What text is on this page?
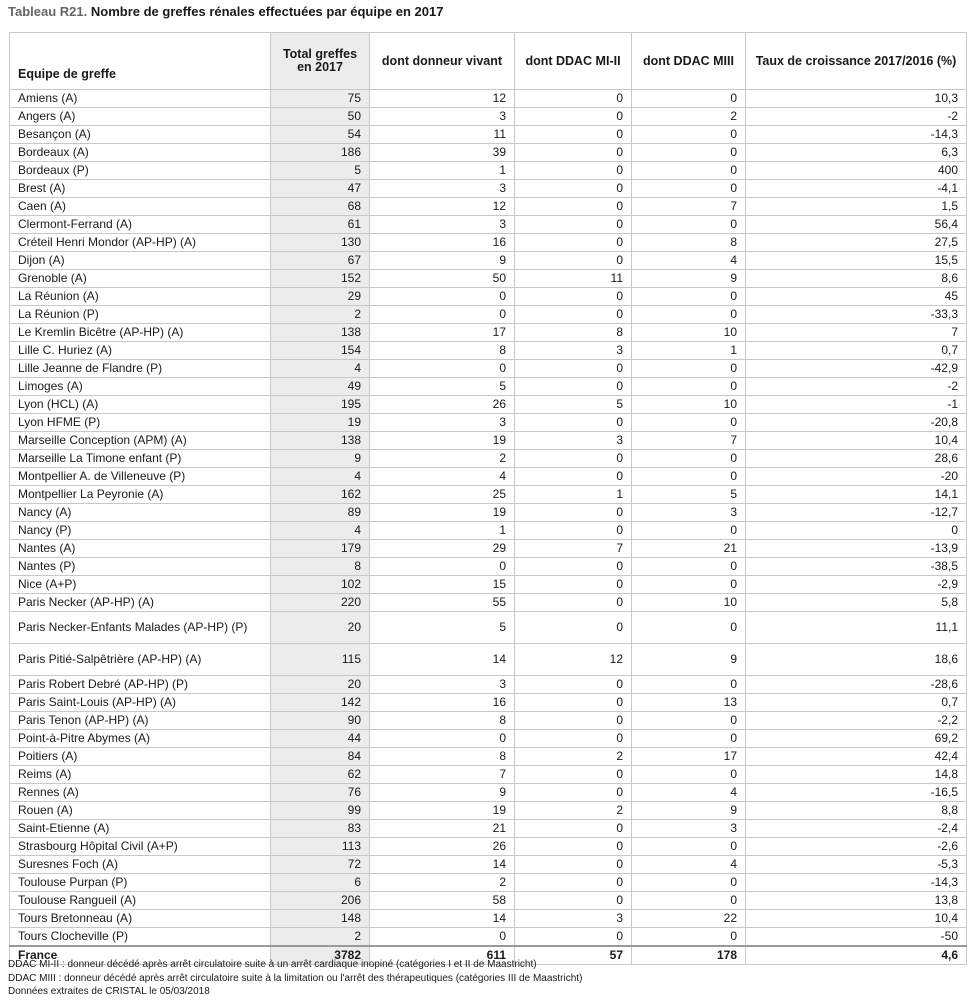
Tableau R21. Nombre de greffes rénales effectuées par équipe en 2017
Equipe de greffe	Total greffes en 2017	dont donneur vivant	dont DDAC MI-II	dont DDAC MIII	Taux de croissance 2017/2016 (%)
Amiens (A)	75	12	0	0	10,3
Angers (A)	50	3	0	2	-2
Besançon (A)	54	11	0	0	-14,3
Bordeaux (A)	186	39	0	0	6,3
Bordeaux (P)	5	1	0	0	400
Brest (A)	47	3	0	0	-4,1
Caen (A)	68	12	0	7	1,5
Clermont-Ferrand (A)	61	3	0	0	56,4
Créteil Henri Mondor (AP-HP) (A)	130	16	0	8	27,5
Dijon (A)	67	9	0	4	15,5
Grenoble (A)	152	50	11	9	8,6
La Réunion (A)	29	0	0	0	45
La Réunion (P)	2	0	0	0	-33,3
Le Kremlin Bicêtre (AP-HP) (A)	138	17	8	10	7
Lille C. Huriez (A)	154	8	3	1	0,7
Lille Jeanne de Flandre (P)	4	0	0	0	-42,9
Limoges (A)	49	5	0	0	-2
Lyon (HCL) (A)	195	26	5	10	-1
Lyon HFME (P)	19	3	0	0	-20,8
Marseille Conception (APM) (A)	138	19	3	7	10,4
Marseille La Timone enfant (P)	9	2	0	0	28,6
Montpellier A. de Villeneuve (P)	4	4	0	0	-20
Montpellier La Peyronie (A)	162	25	1	5	14,1
Nancy (A)	89	19	0	3	-12,7
Nancy (P)	4	1	0	0	0
Nantes (A)	179	29	7	21	-13,9
Nantes (P)	8	0	0	0	-38,5
Nice (A+P)	102	15	0	0	-2,9
Paris Necker (AP-HP) (A)	220	55	0	10	5,8
Paris Necker-Enfants Malades (AP-HP) (P)	20	5	0	0	11,1
Paris Pitié-Salpêtrière (AP-HP) (A)	115	14	12	9	18,6
Paris Robert Debré (AP-HP) (P)	20	3	0	0	-28,6
Paris Saint-Louis (AP-HP) (A)	142	16	0	13	0,7
Paris Tenon (AP-HP) (A)	90	8	0	0	-2,2
Point-à-Pitre Abymes (A)	44	0	0	0	69,2
Poitiers (A)	84	8	2	17	42,4
Reims (A)	62	7	0	0	14,8
Rennes (A)	76	9	0	4	-16,5
Rouen (A)	99	19	2	9	8,8
Saint-Etienne (A)	83	21	0	3	-2,4
Strasbourg Hôpital Civil (A+P)	113	26	0	0	-2,6
Suresnes Foch (A)	72	14	0	4	-5,3
Toulouse Purpan (P)	6	2	0	0	-14,3
Toulouse Rangueil (A)	206	58	0	0	13,8
Tours Bretonneau (A)	148	14	3	22	10,4
Tours Clocheville (P)	2	0	0	0	-50
France	3782	611	57	178	4,6
DDAC MI-II : donneur décédé après arrêt circulatoire suite à un arrêt cardiaque inopiné (catégories I et II de Maastricht)
DDAC MIII : donneur décédé après arrêt circulatoire suite à la limitation ou l'arrêt des thérapeutiques (catégories III de Maastricht)
Données extraites de CRISTAL le 05/03/2018
